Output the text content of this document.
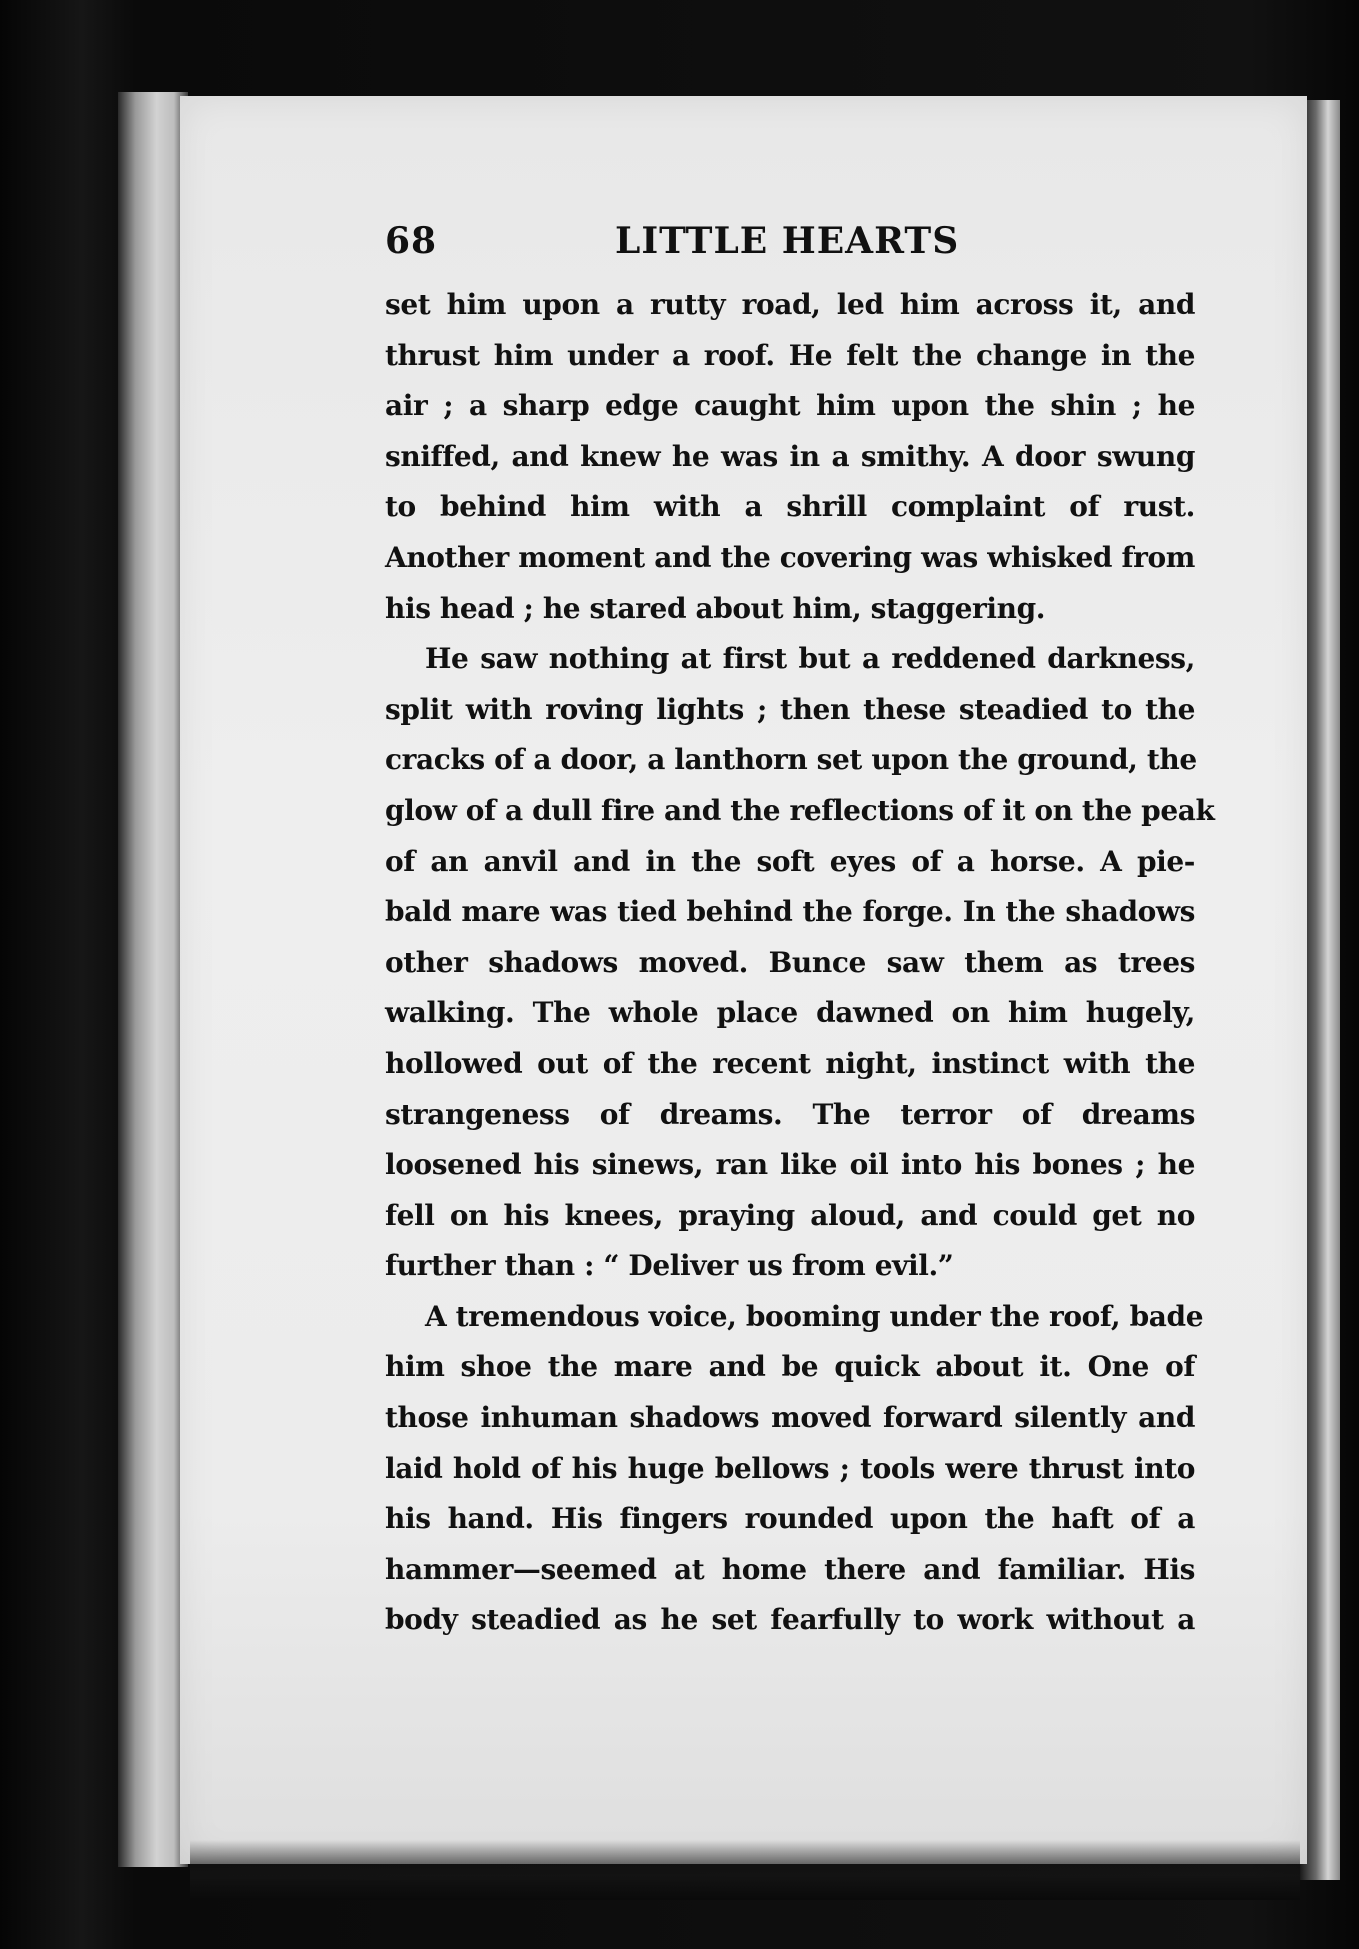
68	LITTLE HEARTS
set him upon a rutty road, led him across it, and
thrust him under a roof. He felt the change in the
air ; a sharp edge caught him upon the shin ; he
sniffed, and knew he was in a smithy. A door swung
to behind him with a shrill complaint of rust.
Another moment and the covering was whisked from
his head ; he stared about him, staggering.
He saw nothing at first but a reddened darkness,
split with roving lights ; then these steadied to the
cracks of a door, a lanthorn set upon the ground, the
glow of a dull fire and the reflections of it on the peak
of an anvil and in the soft eyes of a horse. A pie-
bald mare was tied behind the forge. In the shadows
other shadows moved. Bunce saw them as trees
walking. The whole place dawned on him hugely,
hollowed out of the recent night, instinct with the
strangeness of dreams. The terror of dreams
loosened his sinews, ran like oil into his bones ; he
fell on his knees, praying aloud, and could get no
further than : “ Deliver us from evil.”
A tremendous voice, booming under the roof, bade
him shoe the mare and be quick about it. One of
those inhuman shadows moved forward silently and
laid hold of his huge bellows ; tools were thrust into
his hand. His fingers rounded upon the haft of a
hammer—seemed at home there and familiar. His
body steadied as he set fearfully to work without a
